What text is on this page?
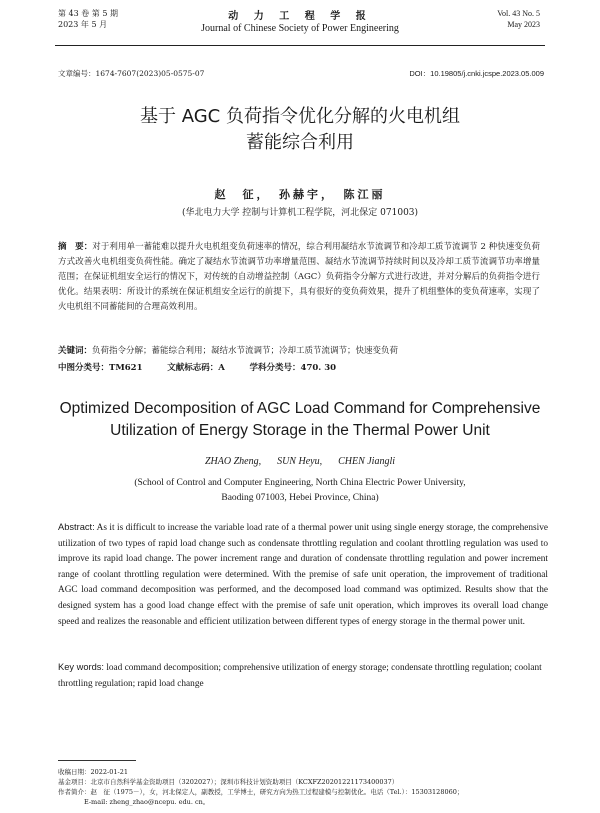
第 43 卷 第 5 期
2023 年 5 月
动 力 工 程 学 报
Journal of Chinese Society of Power Engineering
Vol. 43 No. 5
May 2023
文章编号：1674-7607(2023)05-0575-07	DOI：10.19805/j.cnki.jcspe.2023.05.009
基于 AGC 负荷指令优化分解的火电机组
蓄能综合利用
赵　征，　孙赫宇，　陈江丽
(华北电力大学 控制与计算机工程学院，河北保定 071003)
摘　要：对于利用单一蓄能难以提升火电机组变负荷速率的情况，综合利用凝结水节流调节和冷却工质节流调节 2 种快速变负荷方式改善火电机组变负荷性能。确定了凝结水节流调节功率增量范围、凝结水节流调节持续时间以及冷却工质节流调节功率增量范围；在保证机组安全运行的情况下，对传统的自动增益控制（AGC）负荷指令分解方式进行改进，并对分解后的负荷指令进行优化。结果表明：所设计的系统在保证机组安全运行的前提下，具有很好的变负荷效果，提升了机组整体的变负荷速率，实现了火电机组不同蓄能间的合理高效利用。
关键词：负荷指令分解；蓄能综合利用；凝结水节流调节；冷却工质节流调节；快速变负荷
中图分类号：TM621	文献标志码：A	学科分类号：470. 30
Optimized Decomposition of AGC Load Command for Comprehensive
Utilization of Energy Storage in the Thermal Power Unit
ZHAO Zheng, SUN Heyu, CHEN Jiangli
(School of Control and Computer Engineering, North China Electric Power University,
Baoding 071003, Hebei Province, China)
Abstract: As it is difficult to increase the variable load rate of a thermal power unit using single energy storage, the comprehensive utilization of two types of rapid load change such as condensate throttling regulation and coolant throttling regulation was used to improve its rapid load change. The power increment range and duration of condensate throttling regulation and power increment range of coolant throttling regulation were determined. With the premise of safe unit operation, the improvement of traditional AGC load command decomposition was performed, and the decomposed load command was optimized. Results show that the designed system has a good load change effect with the premise of safe unit operation, which improves its overall load change speed and realizes the reasonable and efficient utilization between different types of energy storage in the thermal power unit.
Key words: load command decomposition; comprehensive utilization of energy storage; condensate throttling regulation; coolant throttling regulation; rapid load change
收稿日期：2022-01-21
基金项目：北京市自然科学基金资助项目（3202027）；深圳市科技计划资助项目（KCXFZ20201221173400037）
作者简介：赵　征（1975－），女，河北保定人，副教授，工学博士，研究方向为热工过程建模与控制优化。电话（Tel.）：15303128060；
E-mail: zheng_zhao@ncepu. edu. cn。
